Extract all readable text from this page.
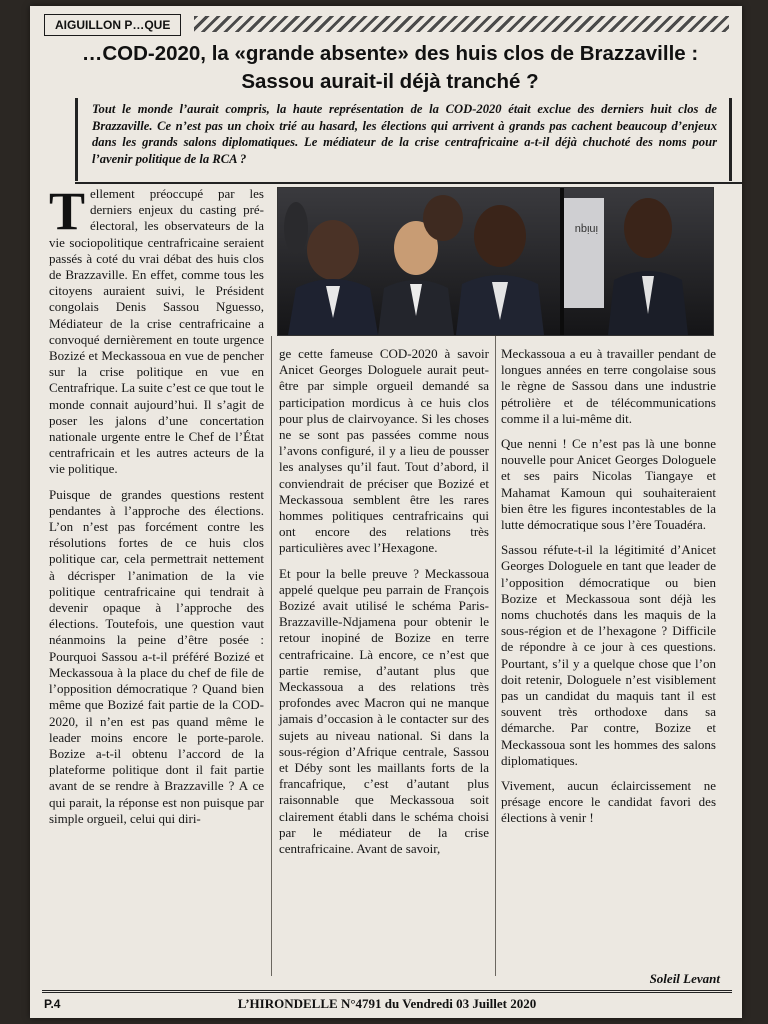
AIGUILLON P…QUE
…COD-2020, la «grande absente» des huis clos de Brazzaville : Sassou aurait-il déjà tranché ?

Tout le monde l’aurait compris, la haute représentation de la COD-2020 était exclue des derniers huit clos de Brazzaville. Ce n’est pas un choix trié au hasard, les élections qui arrivent à grands pas cachent beaucoup d’enjeux dans les grands salons diplomatiques. Le médiateur de la crise centrafricaine a-t-il déjà chuchoté des noms pour l’avenir politique de la RCA ?

Tellement préoccupé par les derniers enjeux du casting pré-électoral, les observateurs de la vie sociopolitique centrafricaine seraient passés à coté du vrai débat des huis clos de Brazzaville. En effet, comme tous les citoyens auraient suivi, le Président congolais Denis Sassou Nguesso, Médiateur de la crise centrafricaine a convoqué dernièrement en toute urgence Bozizé et Meckassoua en vue de pencher sur la crise politique en vue en Centrafrique. La suite c’est ce que tout le monde connait aujourd’hui. Il s’agit de poser les jalons d’une concertation nationale urgente entre le Chef de l’État centrafricain et les autres acteurs de la vie politique.

Puisque de grandes questions restent pendantes à l’approche des élections. L’on n’est pas forcément contre les résolutions fortes de ce huis clos politique car, cela permettrait nettement à décrisper l’animation de la vie politique centrafricaine qui tendrait à devenir opaque à l’approche des élections. Toutefois, une question vaut néanmoins la peine d’être posée : Pourquoi Sassou a-t-il préféré Bozizé et Meckassoua à la place du chef de file de l’opposition démocratique ? Quand bien même que Bozizé fait partie de la COD-2020, il n’en est pas quand même le leader moins encore le porte-parole. Bozize a-t-il obtenu l’accord de la plateforme politique dont il fait partie avant de se rendre à Brazzaville ? A ce qui parait, la réponse est non puisque par simple orgueil, celui qui diri-

iniqu

ge cette fameuse COD-2020 à savoir Anicet Georges Dologuele aurait peut-être par simple orgueil demandé sa participation mordicus à ce huis clos pour plus de clairvoyance. Si les choses ne se sont pas passées comme nous l’avons configuré, il y a lieu de pousser les analyses qu’il faut. Tout d’abord, il conviendrait de préciser que Bozizé et Meckassoua semblent être les rares hommes politiques centrafricains qui ont encore des relations très particulières avec l’Hexagone.

Et pour la belle preuve ? Meckassoua appelé quelque peu parrain de François Bozizé avait utilisé le schéma Paris-Brazzaville-Ndjamena pour obtenir le retour inopiné de Bozize en terre centrafricaine. Là encore, ce n’est que partie remise, d’autant plus que Meckassoua a des relations très profondes avec Macron qui ne manque jamais d’occasion à le contacter sur des sujets au niveau national. Si dans la sous-région d’Afrique centrale, Sassou et Déby sont les maillants forts de la francafrique, c’est d’autant plus raisonnable que Meckassoua soit clairement établi dans le schéma choisi par le médiateur de la crise centrafricaine. Avant de savoir,

Meckassoua a eu à travailler pendant de longues années en terre congolaise sous le règne de Sassou dans une industrie pétrolière et de télécommunications comme il a lui-même dit.

Que nenni ! Ce n’est pas là une bonne nouvelle pour Anicet Georges Dologuele et ses pairs Nicolas Tiangaye et Mahamat Kamoun qui souhaiteraient bien être les figures incontestables de la lutte démocratique sous l’ère Touadéra.

Sassou réfute-t-il la légitimité d’Anicet Georges Dologuele en tant que leader de l’opposition démocratique ou bien Bozize et Meckassoua sont déjà les noms chuchotés dans les maquis de la sous-région et de l’hexagone ? Difficile de répondre à ce jour à ces questions. Pourtant, s’il y a quelque chose que l’on doit retenir, Dologuele n’est visiblement pas un candidat du maquis tant il est souvent très orthodoxe dans sa démarche. Par contre, Bozize et Meckassoua sont les hommes des salons diplomatiques.

Vivement, aucun éclaircissement ne présage encore le candidat favori des élections à venir !

Soleil Levant

P.4	L’HIRONDELLE N°4791 du Vendredi 03 Juillet 2020
